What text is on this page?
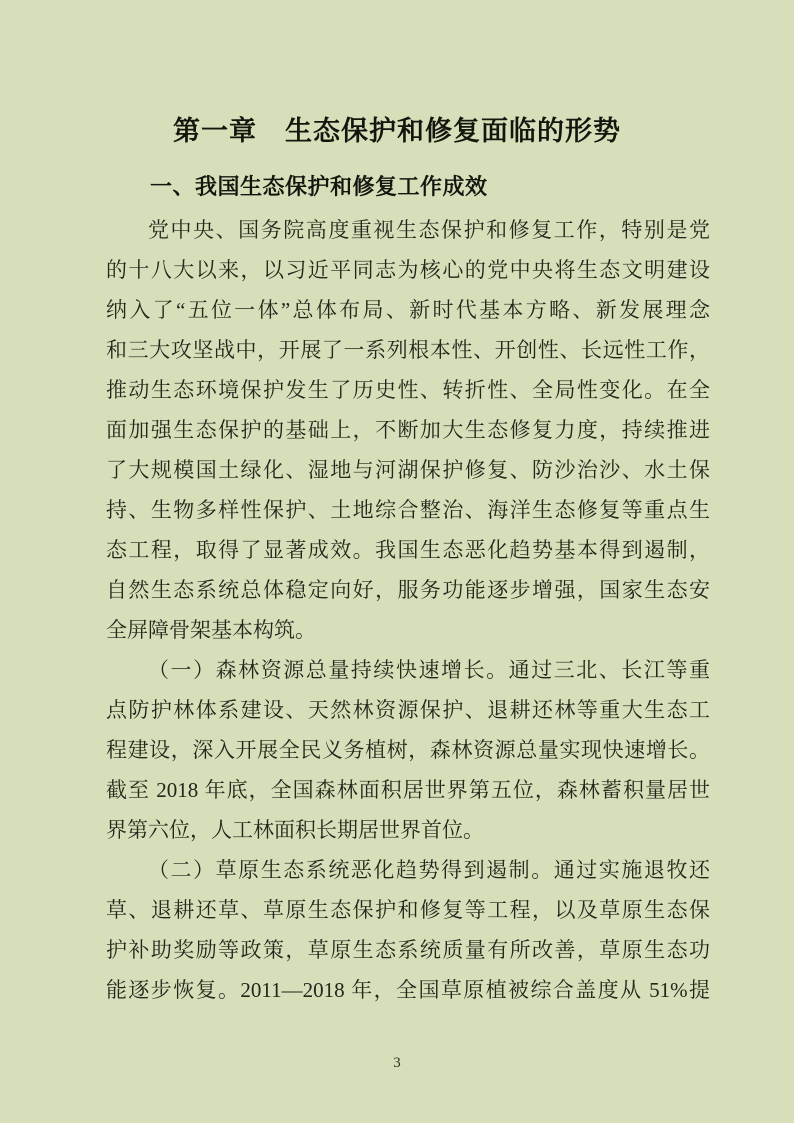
第一章　生态保护和修复面临的形势
一、我国生态保护和修复工作成效
党中央、国务院高度重视生态保护和修复工作，特别是党
的十八大以来，以习近平同志为核心的党中央将生态文明建设
纳入了“五位一体”总体布局、新时代基本方略、新发展理念
和三大攻坚战中，开展了一系列根本性、开创性、长远性工作，
推动生态环境保护发生了历史性、转折性、全局性变化。在全
面加强生态保护的基础上，不断加大生态修复力度，持续推进
了大规模国土绿化、湿地与河湖保护修复、防沙治沙、水土保
持、生物多样性保护、土地综合整治、海洋生态修复等重点生
态工程，取得了显著成效。我国生态恶化趋势基本得到遏制，
自然生态系统总体稳定向好，服务功能逐步增强，国家生态安
全屏障骨架基本构筑。
（一）森林资源总量持续快速增长。通过三北、长江等重
点防护林体系建设、天然林资源保护、退耕还林等重大生态工
程建设，深入开展全民义务植树，森林资源总量实现快速增长。
截至 2018 年底，全国森林面积居世界第五位，森林蓄积量居世
界第六位，人工林面积长期居世界首位。
（二）草原生态系统恶化趋势得到遏制。通过实施退牧还
草、退耕还草、草原生态保护和修复等工程，以及草原生态保
护补助奖励等政策，草原生态系统质量有所改善，草原生态功
能逐步恢复。2011—2018 年，全国草原植被综合盖度从 51%提
3
